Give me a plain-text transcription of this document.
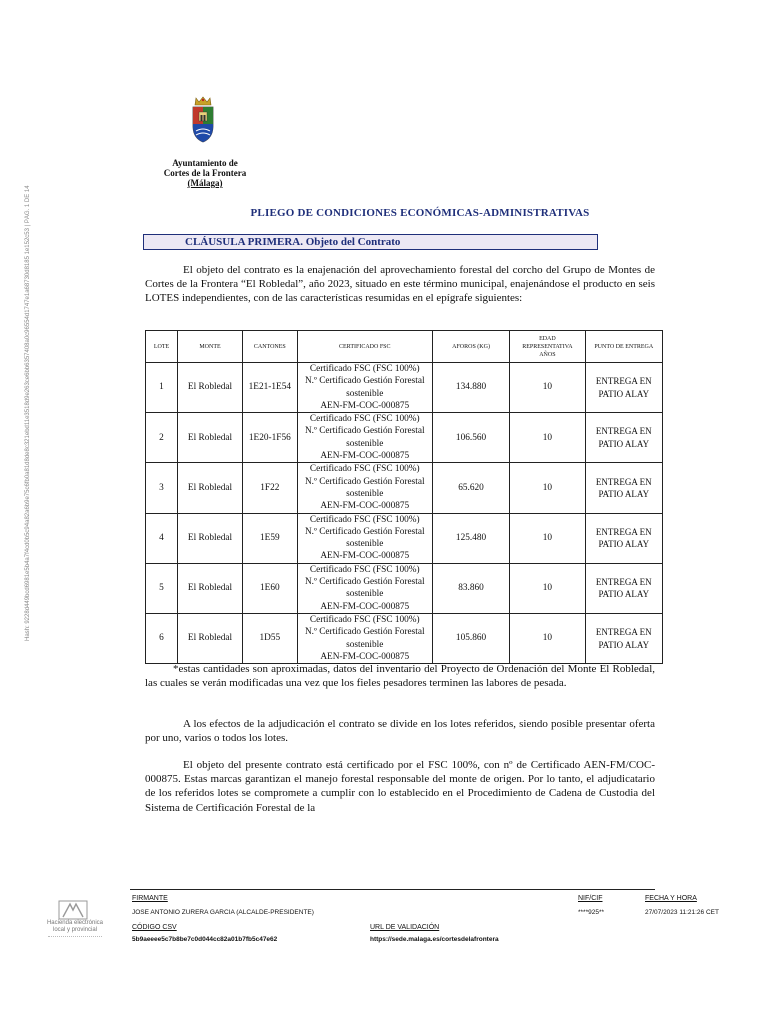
Hash: 9228d449bcd6981e5b4a7f4cd0b5c94a82a6b9e75c6fb0a81d8de8c321ebd11e3518d9e263ce6bb6357408a0c96554d1747e1a68730d8185 1e152c53 | PÁG. 1 DE 14
Ayuntamiento de
Cortes de la Frontera
(Málaga)
PLIEGO DE CONDICIONES ECONÓMICAS-ADMINISTRATIVAS
CLÁUSULA PRIMERA. Objeto del Contrato
El objeto del contrato es la enajenación del aprovechamiento forestal del corcho del Grupo de Montes de Cortes de la Frontera “El Robledal”, año 2023, situado en este término municipal, enajenándose el producto en seis LOTES independientes, con de las características resumidas en el epígrafe siguientes:
LOTE	MONTE	CANTONES	CERTIFICADO FSC	AFOROS (KG)	EDAD
REPRESENTATIVA
AÑOS	PUNTO DE ENTREGA
1	El Robledal	1E21-1E54	Certificado FSC (FSC 100%)
N.º Certificado Gestión Forestal
sostenible
AEN-FM-COC-000875	134.880	10	ENTREGA EN PATIO ALAY
2	El Robledal	1E20-1F56	Certificado FSC (FSC 100%)
N.º Certificado Gestión Forestal
sostenible
AEN-FM-COC-000875	106.560	10	ENTREGA EN PATIO ALAY
3	El Robledal	1F22	Certificado FSC (FSC 100%)
N.º Certificado Gestión Forestal
sostenible
AEN-FM-COC-000875	65.620	10	ENTREGA EN PATIO ALAY
4	El Robledal	1E59	Certificado FSC (FSC 100%)
N.º Certificado Gestión Forestal
sostenible
AEN-FM-COC-000875	125.480	10	ENTREGA EN PATIO ALAY
5	El Robledal	1E60	Certificado FSC (FSC 100%)
N.º Certificado Gestión Forestal
sostenible
AEN-FM-COC-000875	83.860	10	ENTREGA EN PATIO ALAY
6	El Robledal	1D55	Certificado FSC (FSC 100%)
N.º Certificado Gestión Forestal
sostenible
AEN-FM-COC-000875	105.860	10	ENTREGA EN PATIO ALAY
*estas cantidades son aproximadas, datos del inventario del Proyecto de Ordenación del Monte El Robledal, las cuales se verán modificadas una vez que los fieles pesadores terminen las labores de pesada.
A los efectos de la adjudicación el contrato se divide en los lotes referidos, siendo posible presentar oferta por uno, varios o todos los lotes.
El objeto del presente contrato está certificado por el FSC 100%, con nº de Certificado AEN-FM/COC-000875. Estas marcas garantizan el manejo forestal responsable del monte de origen. Por lo tanto, el adjudicatario de los referidos lotes se compromete a cumplir con lo establecido en el Procedimiento de Cadena de Custodia del Sistema de Certificación Forestal de la
Hacienda electrónica
local y provincial
FIRMANTE
JOSE ANTONIO ZURERA GARCIA (ALCALDE-PRESIDENTE)
NIF/CIF
****925**
FECHA Y HORA
27/07/2023 11:21:26 CET
CÓDIGO CSV
5b9aeeee5c7b8be7c0d044cc82a01b7fb5c47e62
URL DE VALIDACIÓN
https://sede.malaga.es/cortesdelafrontera
